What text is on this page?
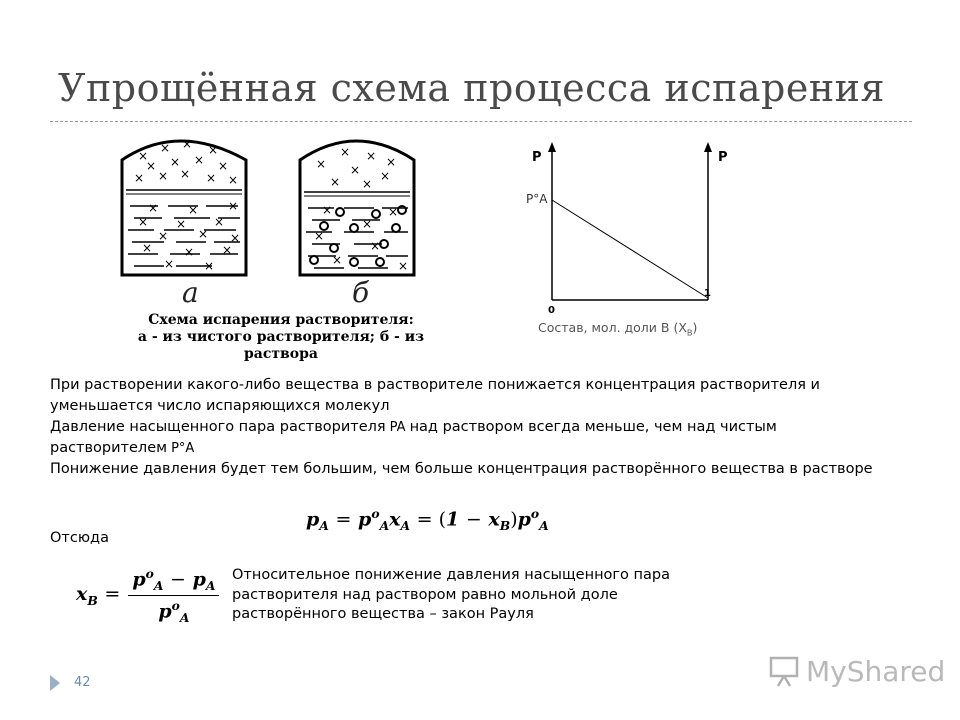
Упрощённая схема процесса испарения
×
× × ×
× × × ×
× × × × ×
× × ×
× × ×
× × ×
×	× ×
× ×
× × ×
× × ×
× ×
×	×
×
×
×
×	×
а	б
Схема испарения растворителя:
а - из чистого растворителя; б - из раствора
P	P
P°A
0
1
Состав, мол. доли В $(X_B)$

При растворении какого-либо вещества в растворителе понижается концентрация растворителя и

уменьшается число испаряющихся молекул

Давление насыщенного пара растворителя PA над раствором всегда меньше, чем над чистым

растворителем P°A

Понижение давления будет тем большим, чем больше концентрация растворённого вещества в растворе

$p_A = p^o_Ax_A = (1 - x_B)p^o_A$
Отсюда
$x_B = \frac{p^o_A - p_A}{p^o_A}$ Относительное понижение давления насыщенного пара

растворителя над раствором равно мольной доле

растворённого вещества – закон Рауля

42	MyShared
